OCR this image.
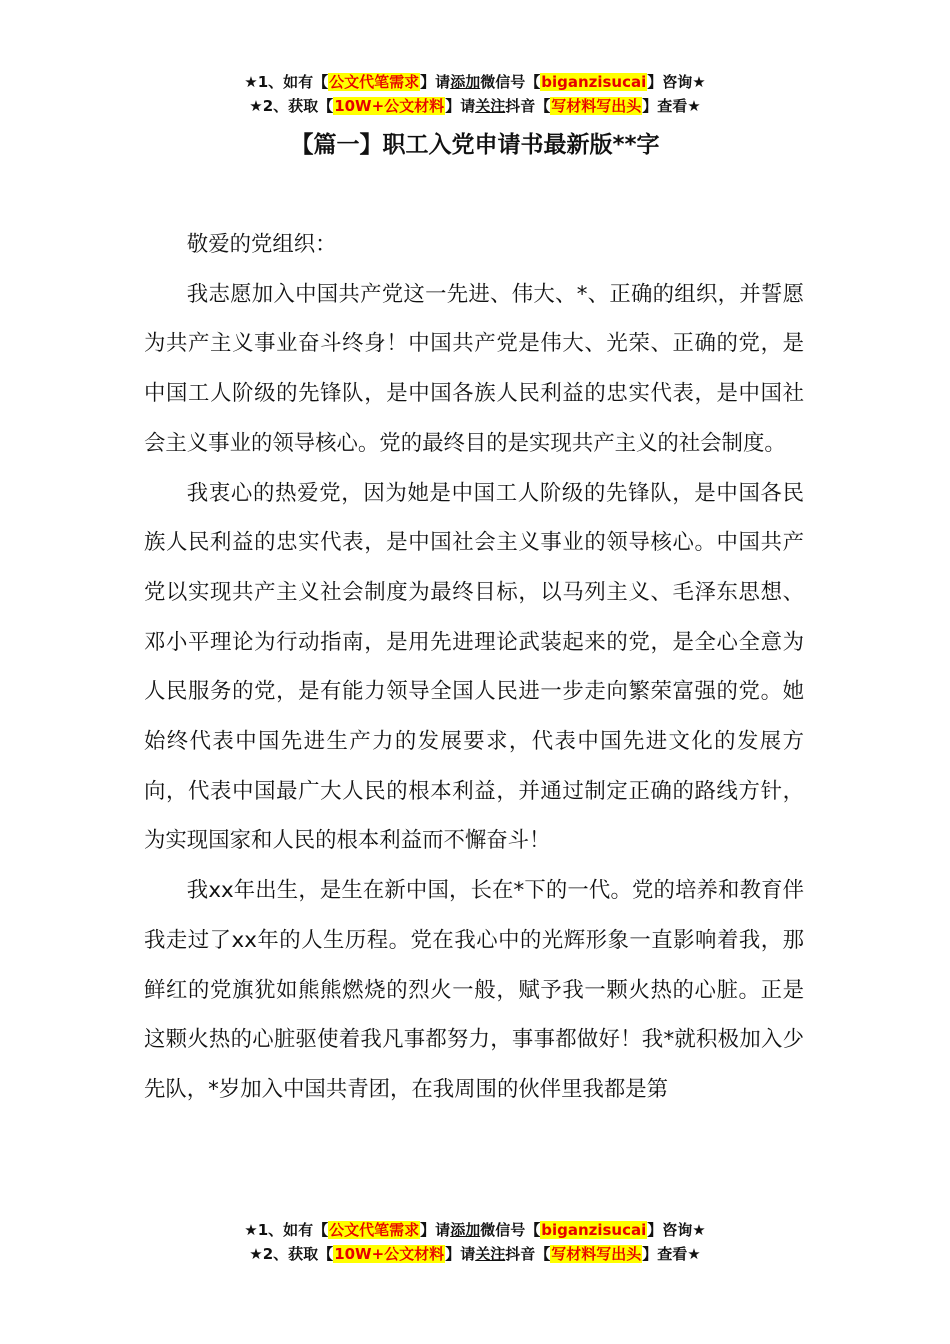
★1、如有【公文代笔需求】请添加微信号【biganzisucai】咨询★
★2、获取【10W+公文材料】请关注抖音【写材料写出头】查看★
【篇一】职工入党申请书最新版**字

敬爱的党组织：

我志愿加入中国共产党这一先进、伟大、*、正确的组织，并誓愿为共产主义事业奋斗终身！中国共产党是伟大、光荣、正确的党，是中国工人阶级的先锋队，是中国各族人民利益的忠实代表，是中国社会主义事业的领导核心。党的最终目的是实现共产主义的社会制度。

我衷心的热爱党，因为她是中国工人阶级的先锋队，是中国各民族人民利益的忠实代表，是中国社会主义事业的领导核心。中国共产党以实现共产主义社会制度为最终目标，以马列主义、毛泽东思想、邓小平理论为行动指南，是用先进理论武装起来的党，是全心全意为人民服务的党，是有能力领导全国人民进一步走向繁荣富强的党。她始终代表中国先进生产力的发展要求，代表中国先进文化的发展方向，代表中国最广大人民的根本利益，并通过制定正确的路线方针，为实现国家和人民的根本利益而不懈奋斗！

我xx年出生，是生在新中国，长在*下的一代。党的培养和教育伴我走过了xx年的人生历程。党在我心中的光辉形象一直影响着我，那鲜红的党旗犹如熊熊燃烧的烈火一般，赋予我一颗火热的心脏。正是这颗火热的心脏驱使着我凡事都努力，事事都做好！我*就积极加入少先队，*岁加入中国共青团，在我周围的伙伴里我都是第

★1、如有【公文代笔需求】请添加微信号【biganzisucai】咨询★
★2、获取【10W+公文材料】请关注抖音【写材料写出头】查看★
